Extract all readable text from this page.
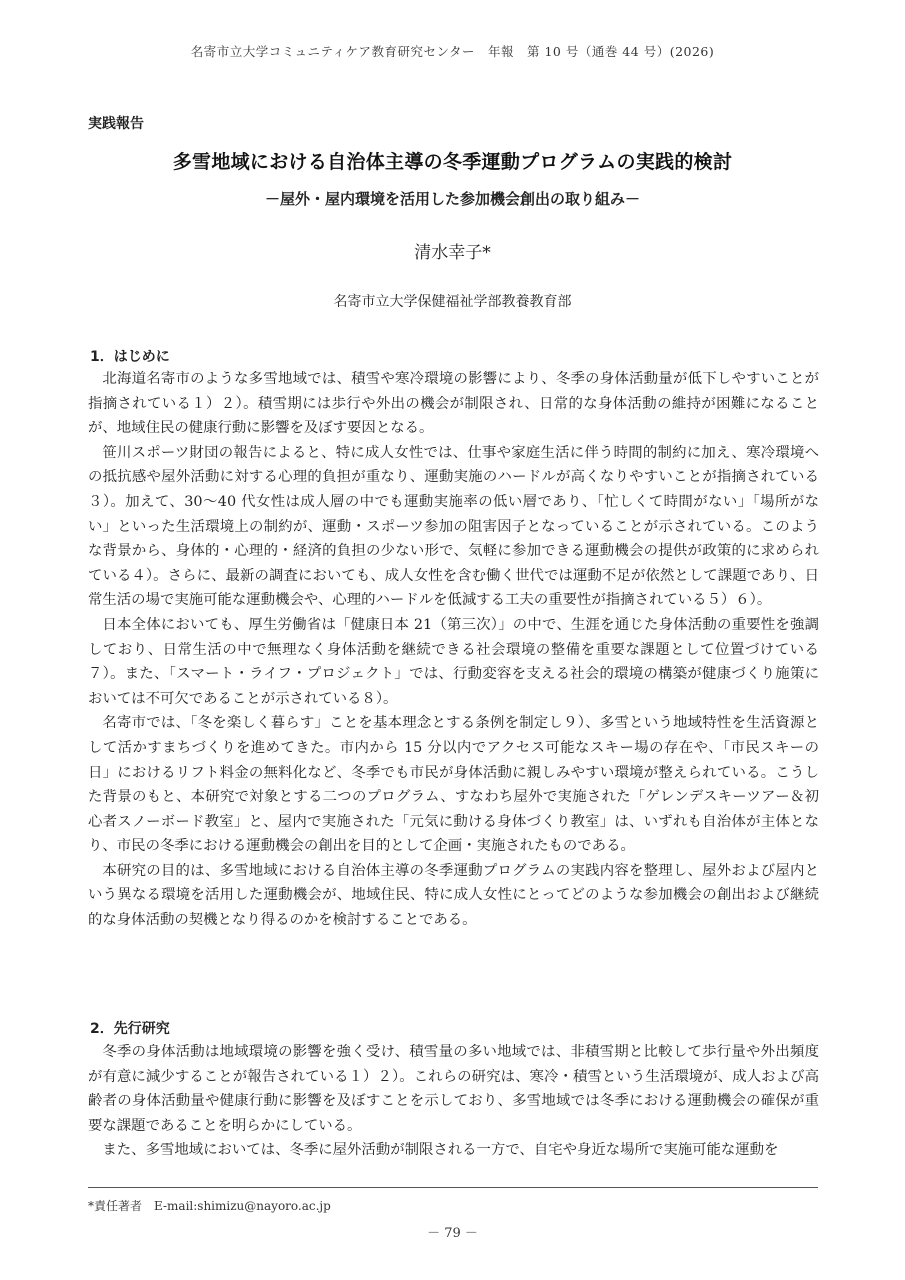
名寄市立大学コミュニティケア教育研究センター　年報　第 10 号（通巻 44 号）(2026)
実践報告
多雪地域における自治体主導の冬季運動プログラムの実践的検討
－屋外・屋内環境を活用した参加機会創出の取り組み－
清水幸子*
名寄市立大学保健福祉学部教養教育部
1．はじめに

北海道名寄市のような多雪地域では、積雪や寒冷環境の影響により、冬季の身体活動量が低下しやすいことが指摘されている１）２）。積雪期には歩行や外出の機会が制限され、日常的な身体活動の維持が困難になることが、地域住民の健康行動に影響を及ぼす要因となる。

笹川スポーツ財団の報告によると、特に成人女性では、仕事や家庭生活に伴う時間的制約に加え、寒冷環境への抵抗感や屋外活動に対する心理的負担が重なり、運動実施のハードルが高くなりやすいことが指摘されている３）。加えて、30～40 代女性は成人層の中でも運動実施率の低い層であり、「忙しくて時間がない」「場所がない」といった生活環境上の制約が、運動・スポーツ参加の阻害因子となっていることが示されている。このような背景から、身体的・心理的・経済的負担の少ない形で、気軽に参加できる運動機会の提供が政策的に求められている４）。さらに、最新の調査においても、成人女性を含む働く世代では運動不足が依然として課題であり、日常生活の場で実施可能な運動機会や、心理的ハードルを低減する工夫の重要性が指摘されている５）６）。

日本全体においても、厚生労働省は「健康日本 21（第三次）」の中で、生涯を通じた身体活動の重要性を強調しており、日常生活の中で無理なく身体活動を継続できる社会環境の整備を重要な課題として位置づけている７）。また、「スマート・ライフ・プロジェクト」では、行動変容を支える社会的環境の構築が健康づくり施策においては不可欠であることが示されている８）。

名寄市では、「冬を楽しく暮らす」ことを基本理念とする条例を制定し９）、多雪という地域特性を生活資源として活かすまちづくりを進めてきた。市内から 15 分以内でアクセス可能なスキー場の存在や、「市民スキーの日」におけるリフト料金の無料化など、冬季でも市民が身体活動に親しみやすい環境が整えられている。こうした背景のもと、本研究で対象とする二つのプログラム、すなわち屋外で実施された「ゲレンデスキーツアー＆初心者スノーボード教室」と、屋内で実施された「元気に動ける身体づくり教室」は、いずれも自治体が主体となり、市民の冬季における運動機会の創出を目的として企画・実施されたものである。

本研究の目的は、多雪地域における自治体主導の冬季運動プログラムの実践内容を整理し、屋外および屋内という異なる環境を活用した運動機会が、地域住民、特に成人女性にとってどのような参加機会の創出および継続的な身体活動の契機となり得るのかを検討することである。

2．先行研究

冬季の身体活動は地域環境の影響を強く受け、積雪量の多い地域では、非積雪期と比較して歩行量や外出頻度が有意に減少することが報告されている１）２）。これらの研究は、寒冷・積雪という生活環境が、成人および高齢者の身体活動量や健康行動に影響を及ぼすことを示しており、多雪地域では冬季における運動機会の確保が重要な課題であることを明らかにしている。

また、多雪地域においては、冬季に屋外活動が制限される一方で、自宅や身近な場所で実施可能な運動を

*責任著者　E-mail:shimizu@nayoro.ac.jp
－ 79 －
